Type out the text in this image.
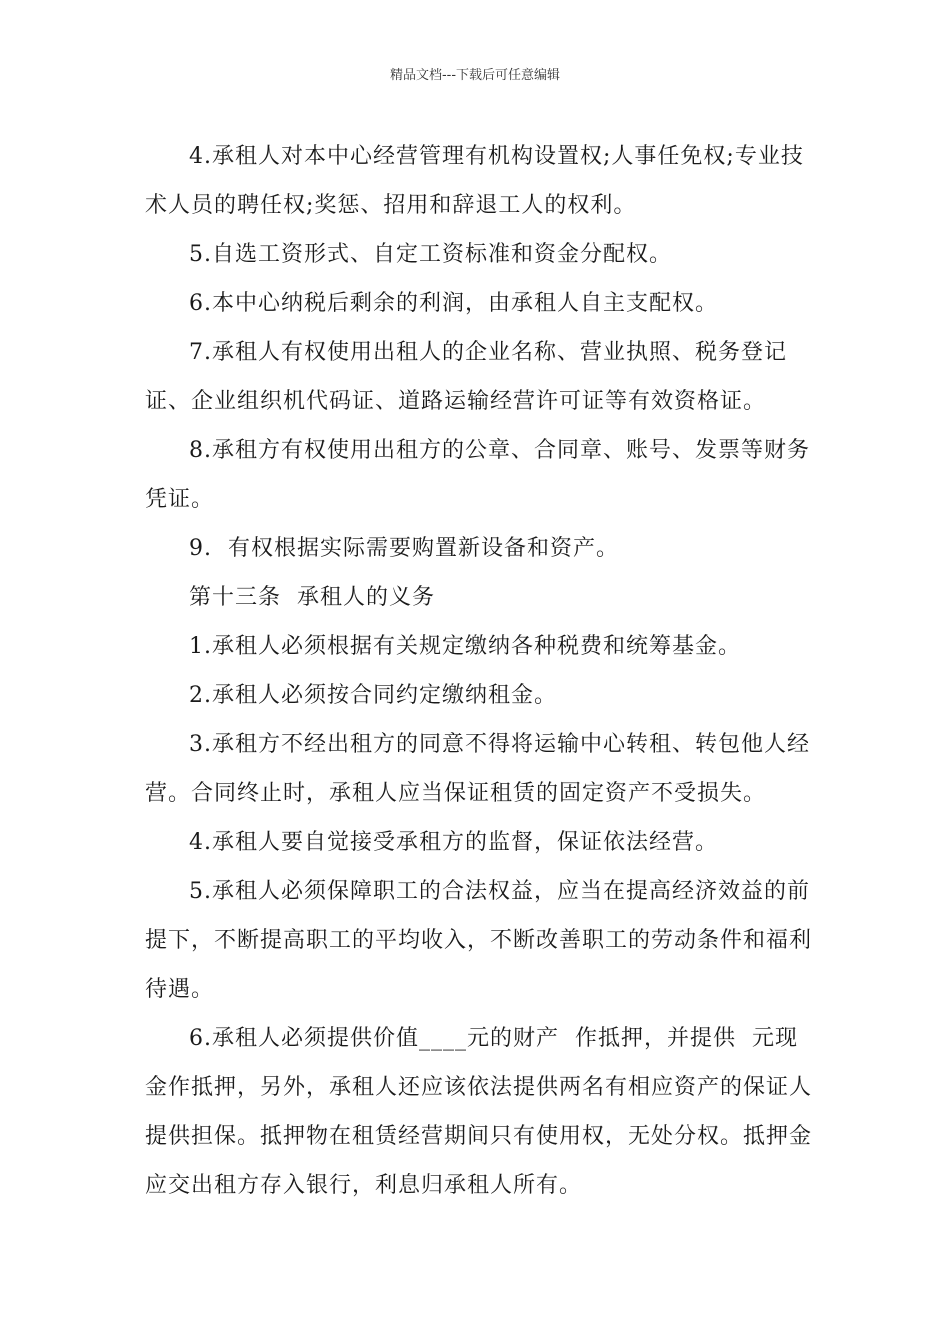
精品文档---下载后可任意编辑

4.承租人对本中心经营管理有机构设置权;人事任免权;专业技术人员的聘任权;奖惩、招用和辞退工人的权利。

5.自选工资形式、自定工资标准和资金分配权。

6.本中心纳税后剩余的利润，由承租人自主支配权。

7.承租人有权使用出租人的企业名称、营业执照、税务登记证、企业组织机代码证、道路运输经营许可证等有效资格证。

8.承租方有权使用出租方的公章、合同章、账号、发票等财务凭证。

9.  有权根据实际需要购置新设备和资产。

第十三条  承租人的义务

1.承租人必须根据有关规定缴纳各种税费和统筹基金。

2.承租人必须按合同约定缴纳租金。

3.承租方不经出租方的同意不得将运输中心转租、转包他人经营。合同终止时，承租人应当保证租赁的固定资产不受损失。

4.承租人要自觉接受承租方的监督，保证依法经营。

5.承租人必须保障职工的合法权益，应当在提高经济效益的前提下，不断提高职工的平均收入，不断改善职工的劳动条件和福利待遇。

6.承租人必须提供价值____元的财产  作抵押，并提供  元现金作抵押，另外，承租人还应该依法提供两名有相应资产的保证人提供担保。抵押物在租赁经营期间只有使用权，无处分权。抵押金应交出租方存入银行，利息归承租人所有。
